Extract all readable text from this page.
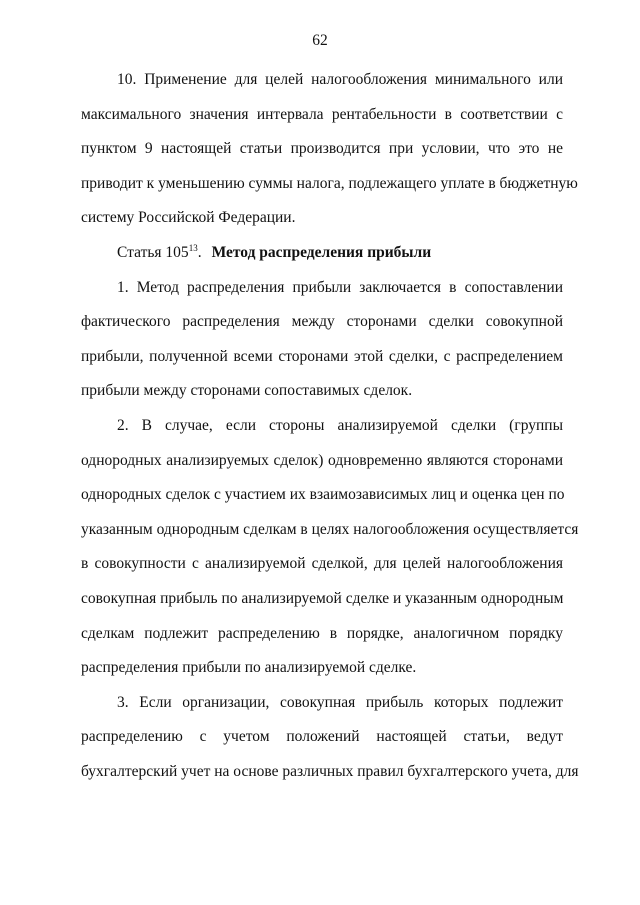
62
10. Применение для целей налогообложения минимального или
максимального значения интервала рентабельности в соответствии с
пунктом 9 настоящей статьи производится при условии, что это не
приводит к уменьшению суммы налога, подлежащего уплате в бюджетную
систему Российской Федерации.
Статья $105^{13}$. Метод распределения прибыли
1. Метод распределения прибыли заключается в сопоставлении
фактического распределения между сторонами сделки совокупной
прибыли, полученной всеми сторонами этой сделки, с распределением
прибыли между сторонами сопоставимых сделок.
2. В случае, если стороны анализируемой сделки (группы
однородных анализируемых сделок) одновременно являются сторонами
однородных сделок с участием их взаимозависимых лиц и оценка цен по
указанным однородным сделкам в целях налогообложения осуществляется
в совокупности с анализируемой сделкой, для целей налогообложения
совокупная прибыль по анализируемой сделке и указанным однородным
сделкам подлежит распределению в порядке, аналогичном порядку
распределения прибыли по анализируемой сделке.
3. Если организации, совокупная прибыль которых подлежит
распределению с учетом положений настоящей статьи, ведут
бухгалтерский учет на основе различных правил бухгалтерского учета, для
